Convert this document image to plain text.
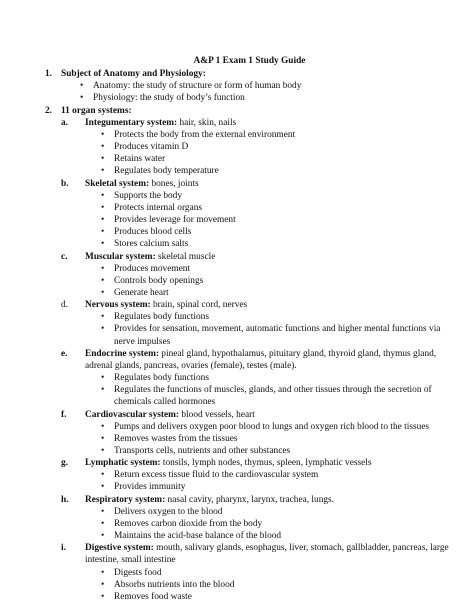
A&P 1 Exam 1 Study Guide
1. Subject of Anatomy and Physiology:
• Anatomy: the study of structure or form of human body
• Physiology: the study of body’s function
2. 11 organ systems:
a. Integumentary system: hair, skin, nails
• Protects the body from the external environment
• Produces vitamin D
• Retains water
• Regulates body temperature
b. Skeletal system: bones, joints
• Supports the body
• Protects internal organs
• Provides leverage for movement
• Produces blood cells
• Stores calcium salts
c. Muscular system: skeletal muscle
• Produces movement
• Controls body openings
• Generate heart
d. Nervous system: brain, spinal cord, nerves
• Regulates body functions
• Provides for sensation, movement, automatic functions and higher mental functions via nerve impulses
e. Endocrine system: pineal gland, hypothalamus, pituitary gland, thyroid gland, thymus gland, adrenal glands, pancreas, ovaries (female), testes (male).
• Regulates body functions
• Regulates the functions of muscles, glands, and other tissues through the secretion of chemicals called hormones
f. Cardiovascular system: blood vessels, heart
• Pumps and delivers oxygen poor blood to lungs and oxygen rich blood to the tissues
• Removes wastes from the tissues
• Transports cells, nutrients and other substances
g. Lymphatic system: tonsils, lymph nodes, thymus, spleen, lymphatic vessels
• Return excess tissue fluid to the cardiovascular system
• Provides immunity
h. Respiratory system: nasal cavity, pharynx, larynx, trachea, lungs.
• Delivers oxygen to the blood
• Removes carbon dioxide from the body
• Maintains the acid-base balance of the blood
i. Digestive system: mouth, salivary glands, esophagus, liver, stomach, gallbladder, pancreas, large intestine, small intestine
• Digests food
• Absorbs nutrients into the blood
• Removes food waste
